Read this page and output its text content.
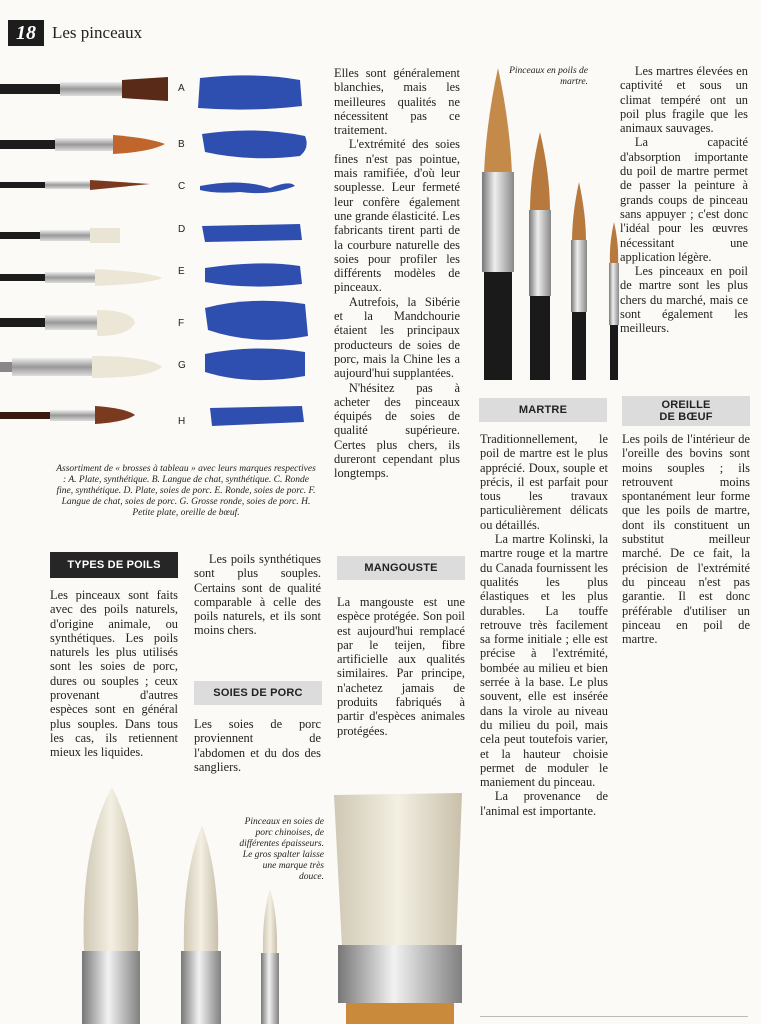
18 Les pinceaux
A
B
C
D
E
F
G
H
Assortiment de « brosses à tableau » avec leurs marques respectives : A. Plate, synthétique. B. Langue de chat, synthétique. C. Ronde fine, synthétique. D. Plate, soies de porc. E. Ronde, soies de porc. F. Langue de chat, soies de porc. G. Grosse ronde, soies de porc. H. Petite plate, oreille de bœuf.

Elles sont généralement blanchies, mais les meilleures qualités ne nécessitent pas ce traitement.

L'extrémité des soies fines n'est pas pointue, mais ramifiée, d'où leur souplesse. Leur fermeté leur confère également une grande élasticité. Les fabricants tirent parti de la courbure naturelle des soies pour profiler les différents modèles de pinceaux.

Autrefois, la Sibérie et la Mandchourie étaient les principaux producteurs de soies de porc, mais la Chine les a aujourd'hui supplantées.

N'hésitez pas à acheter des pinceaux équipés de soies de qualité supérieure. Certes plus chers, ils dureront cependant plus longtemps.

Pinceaux en poils de martre.

Les martres élevées en captivité et sous un climat tempéré ont un poil plus fragile que les animaux sauvages.

La capacité d'absorption importante du poil de martre permet de passer la peinture à grands coups de pinceau sans appuyer ; c'est donc l'idéal pour les œuvres nécessitant une application légère.

Les pinceaux en poil de martre sont les plus chers du marché, mais ce sont également les meilleurs.

MARTRE	OREILLE
DE BŒUF

Traditionnellement, le poil de martre est le plus apprécié. Doux, souple et précis, il est parfait pour tous les travaux particulièrement délicats ou détaillés.

La martre Kolinski, la martre rouge et la martre du Canada fournissent les qualités les plus élastiques et les plus durables. La touffe retrouve très facilement sa forme initiale ; elle est précise à l'extrémité, bombée au milieu et bien serrée à la base. Le plus souvent, elle est insérée dans la virole au niveau du milieu du poil, mais cela peut toutefois varier, et la hauteur choisie permet de moduler le maniement du pinceau.

La provenance de l'animal est importante.

Les poils de l'intérieur de l'oreille des bovins sont moins souples ; ils retrouvent moins spontanément leur forme que les poils de martre, dont ils constituent un substitut meilleur marché. De ce fait, la précision de l'extrémité du pinceau n'est pas garantie. Il est donc préférable d'utiliser un pinceau en poil de martre.

TYPES DE POILS

Les pinceaux sont faits avec des poils naturels, d'origine animale, ou synthétiques. Les poils naturels les plus utilisés sont les soies de porc, dures ou souples ; ceux provenant d'autres espèces sont en général plus souples. Dans tous les cas, ils retiennent mieux les liquides.

Les poils synthétiques sont plus souples. Certains sont de qualité comparable à celle des poils naturels, et ils sont moins chers.

SOIES DE PORC

Les soies de porc proviennent de l'abdomen et du dos des sangliers.

MANGOUSTE

La mangouste est une espèce protégée. Son poil est aujourd'hui remplacé par le teijen, fibre artificielle aux qualités similaires. Par principe, n'achetez jamais de produits fabriqués à partir d'espèces animales protégées.

Pinceaux en soies de porc chinoises, de différentes épaisseurs. Le gros spalter laisse une marque très douce.
